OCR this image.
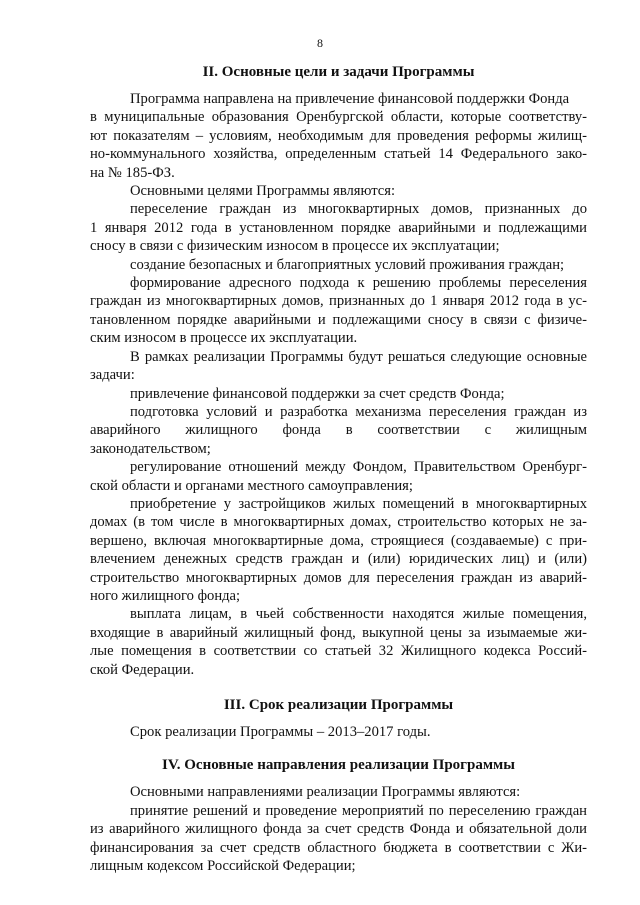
8
II. Основные цели и задачи Программы
Программа направлена на привлечение финансовой поддержки Фонда
в муниципальные образования Оренбургской области, которые соответству-
ют показателям – условиям, необходимым для проведения реформы жилищ-
но-коммунального хозяйства, определенным статьей 14 Федерального зако-
на № 185-ФЗ.
Основными целями Программы являются:
переселение граждан из многоквартирных домов, признанных до
1 января 2012 года в установленном порядке аварийными и подлежащими
сносу в связи с физическим износом в процессе их эксплуатации;
создание безопасных и благоприятных условий проживания граждан;
формирование адресного подхода к решению проблемы переселения
граждан из многоквартирных домов, признанных до 1 января 2012 года в ус-
тановленном порядке аварийными и подлежащими сносу в связи с физиче-
ским износом в процессе их эксплуатации.
В рамках реализации Программы будут решаться следующие основные
задачи:
привлечение финансовой поддержки за счет средств Фонда;
подготовка условий и разработка механизма переселения граждан из
аварийного жилищного фонда в соответствии с жилищным
законодательством;
регулирование отношений между Фондом, Правительством Оренбург-
ской области и органами местного самоуправления;
приобретение у застройщиков жилых помещений в многоквартирных
домах (в том числе в многоквартирных домах, строительство которых не за-
вершено, включая многоквартирные дома, строящиеся (создаваемые) с при-
влечением денежных средств граждан и (или) юридических лиц) и (или)
строительство многоквартирных домов для переселения граждан из аварий-
ного жилищного фонда;
выплата лицам, в чьей собственности находятся жилые помещения,
входящие в аварийный жилищный фонд, выкупной цены за изымаемые жи-
лые помещения в соответствии со статьей 32 Жилищного кодекса Россий-
ской Федерации.
III. Срок реализации Программы
Срок реализации Программы – 2013–2017 годы.
IV. Основные направления реализации Программы
Основными направлениями реализации Программы являются:
принятие решений и проведение мероприятий по переселению граждан
из аварийного жилищного фонда за счет средств Фонда и обязательной доли
финансирования за счет средств областного бюджета в соответствии с Жи-
лищным кодексом Российской Федерации;
